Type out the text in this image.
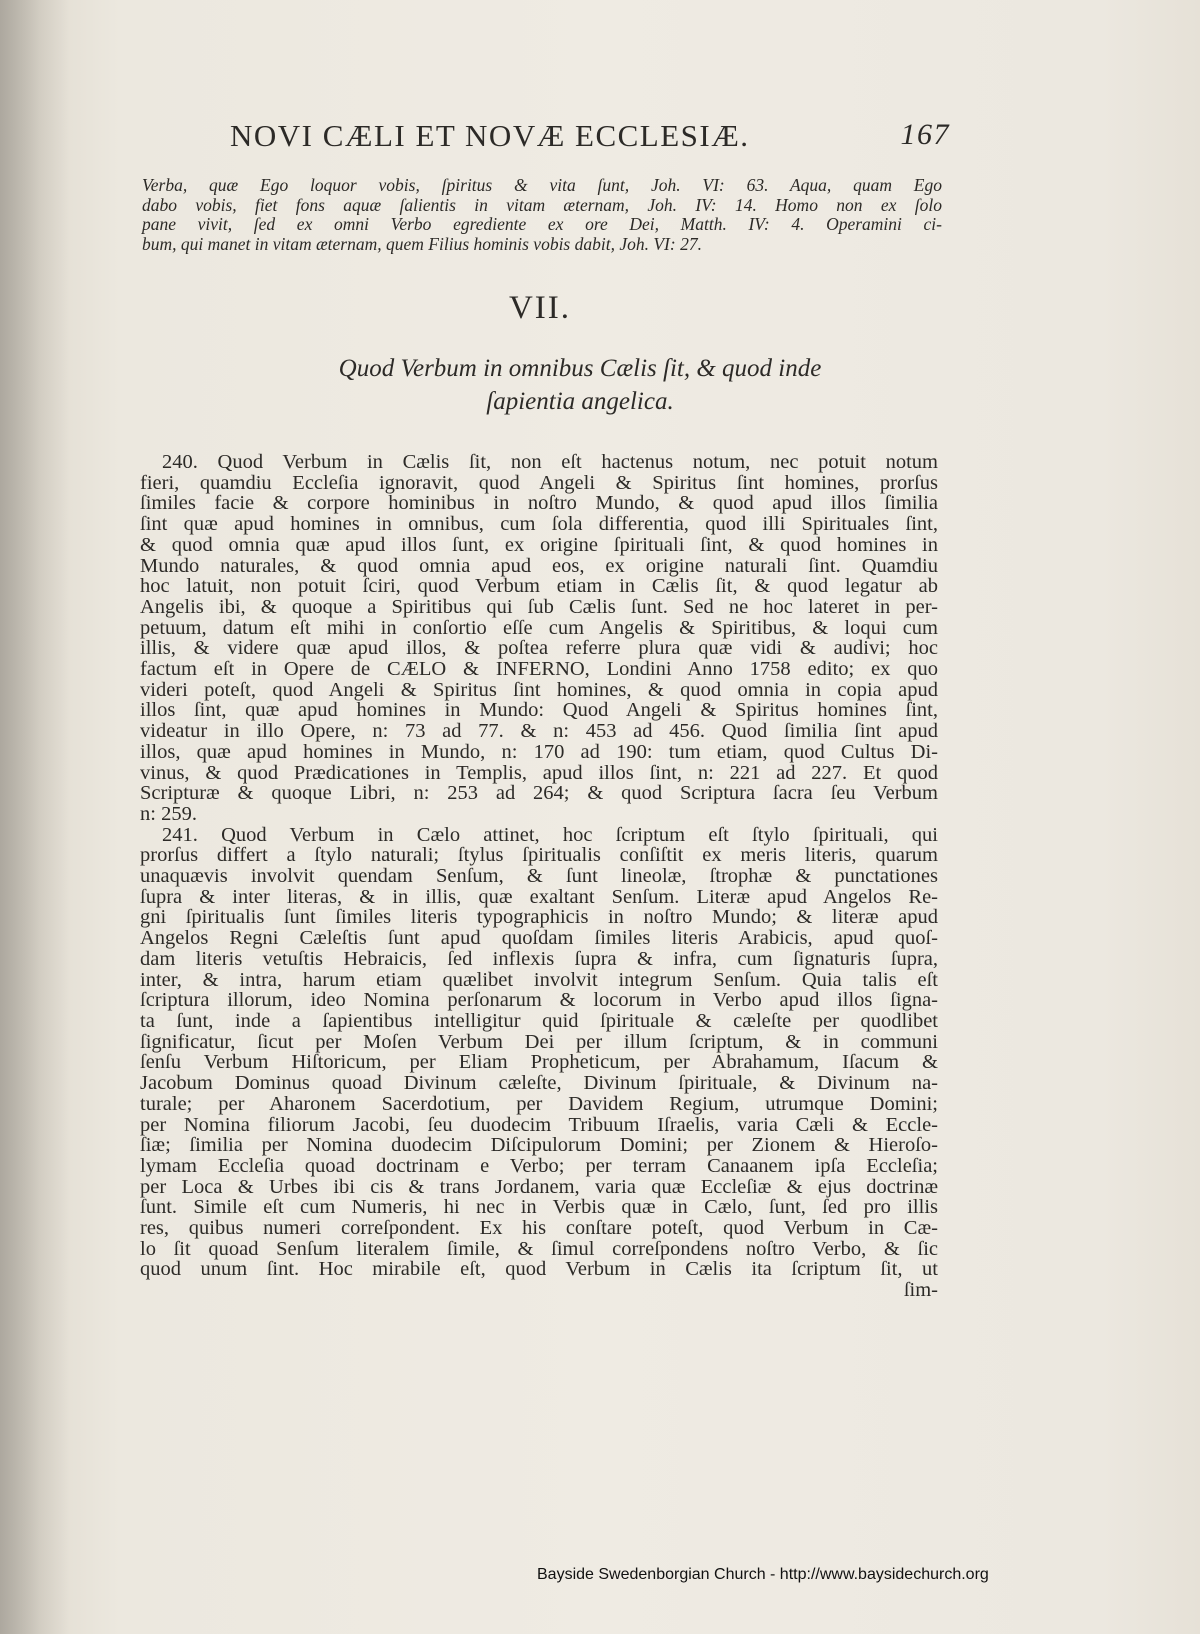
NOVI CÆLI ET NOVÆ ECCLESIÆ.	167
Verba, quæ Ego loquor vobis, ſpiritus & vita ſunt, Joh. VI: 63. Aqua, quam Ego
dabo vobis, fiet fons aquæ ſalientis in vitam æternam, Joh. IV: 14. Homo non ex ſolo
pane vivit, ſed ex omni Verbo egrediente ex ore Dei, Matth. IV: 4. Operamini ci-
bum, qui manet in vitam æternam, quem Filius hominis vobis dabit, Joh. VI: 27.
VII.
Quod Verbum in omnibus Cælis ſit, & quod inde
ſapientia angelica.
240. Quod Verbum in Cælis ſit, non eſt hactenus notum, nec potuit notum
fieri, quamdiu Eccleſia ignoravit, quod Angeli & Spiritus ſint homines, prorſus
ſimiles facie & corpore hominibus in noſtro Mundo, & quod apud illos ſimilia
ſint quæ apud homines in omnibus, cum ſola differentia, quod illi Spirituales ſint,
& quod omnia quæ apud illos ſunt, ex origine ſpirituali ſint, & quod homines in
Mundo naturales, & quod omnia apud eos, ex origine naturali ſint. Quamdiu
hoc latuit, non potuit ſciri, quod Verbum etiam in Cælis ſit, & quod legatur ab
Angelis ibi, & quoque a Spiritibus qui ſub Cælis ſunt. Sed ne hoc lateret in per-
petuum, datum eſt mihi in conſortio eſſe cum Angelis & Spiritibus, & loqui cum
illis, & videre quæ apud illos, & poſtea referre plura quæ vidi & audivi; hoc
factum eſt in Opere de CÆLO & INFERNO, Londini Anno 1758 edito; ex quo
videri poteſt, quod Angeli & Spiritus ſint homines, & quod omnia in copia apud
illos ſint, quæ apud homines in Mundo: Quod Angeli & Spiritus homines ſint,
videatur in illo Opere, n: 73 ad 77. & n: 453 ad 456. Quod ſimilia ſint apud
illos, quæ apud homines in Mundo, n: 170 ad 190: tum etiam, quod Cultus Di-
vinus, & quod Prædicationes in Templis, apud illos ſint, n: 221 ad 227. Et quod
Scripturæ & quoque Libri, n: 253 ad 264; & quod Scriptura ſacra ſeu Verbum
n: 259.
241. Quod Verbum in Cælo attinet, hoc ſcriptum eſt ſtylo ſpirituali, qui
prorſus differt a ſtylo naturali; ſtylus ſpiritualis conſiſtit ex meris literis, quarum
unaquævis involvit quendam Senſum, & ſunt lineolæ, ſtrophæ & punctationes
ſupra & inter literas, & in illis, quæ exaltant Senſum. Literæ apud Angelos Re-
gni ſpiritualis ſunt ſimiles literis typographicis in noſtro Mundo; & literæ apud
Angelos Regni Cæleſtis ſunt apud quoſdam ſimiles literis Arabicis, apud quoſ-
dam literis vetuſtis Hebraicis, ſed inflexis ſupra & infra, cum ſignaturis ſupra,
inter, & intra, harum etiam quælibet involvit integrum Senſum. Quia talis eſt
ſcriptura illorum, ideo Nomina perſonarum & locorum in Verbo apud illos ſigna-
ta ſunt, inde a ſapientibus intelligitur quid ſpirituale & cæleſte per quodlibet
ſignificatur, ſicut per Moſen Verbum Dei per illum ſcriptum, & in communi
ſenſu Verbum Hiſtoricum, per Eliam Propheticum, per Abrahamum, Iſacum &
Jacobum Dominus quoad Divinum cæleſte, Divinum ſpirituale, & Divinum na-
turale; per Aharonem Sacerdotium, per Davidem Regium, utrumque Domini;
per Nomina filiorum Jacobi, ſeu duodecim Tribuum Iſraelis, varia Cæli & Eccle-
ſiæ; ſimilia per Nomina duodecim Diſcipulorum Domini; per Zionem & Hieroſo-
lymam Eccleſia quoad doctrinam e Verbo; per terram Canaanem ipſa Eccleſia;
per Loca & Urbes ibi cis & trans Jordanem, varia quæ Eccleſiæ & ejus doctrinæ
ſunt. Simile eſt cum Numeris, hi nec in Verbis quæ in Cælo, ſunt, ſed pro illis
res, quibus numeri correſpondent. Ex his conſtare poteſt, quod Verbum in Cæ-
lo ſit quoad Senſum literalem ſimile, & ſimul correſpondens noſtro Verbo, & ſic
quod unum ſint. Hoc mirabile eſt, quod Verbum in Cælis ita ſcriptum ſit, ut
ſim-
Bayside Swedenborgian Church - http://www.baysidechurch.org
